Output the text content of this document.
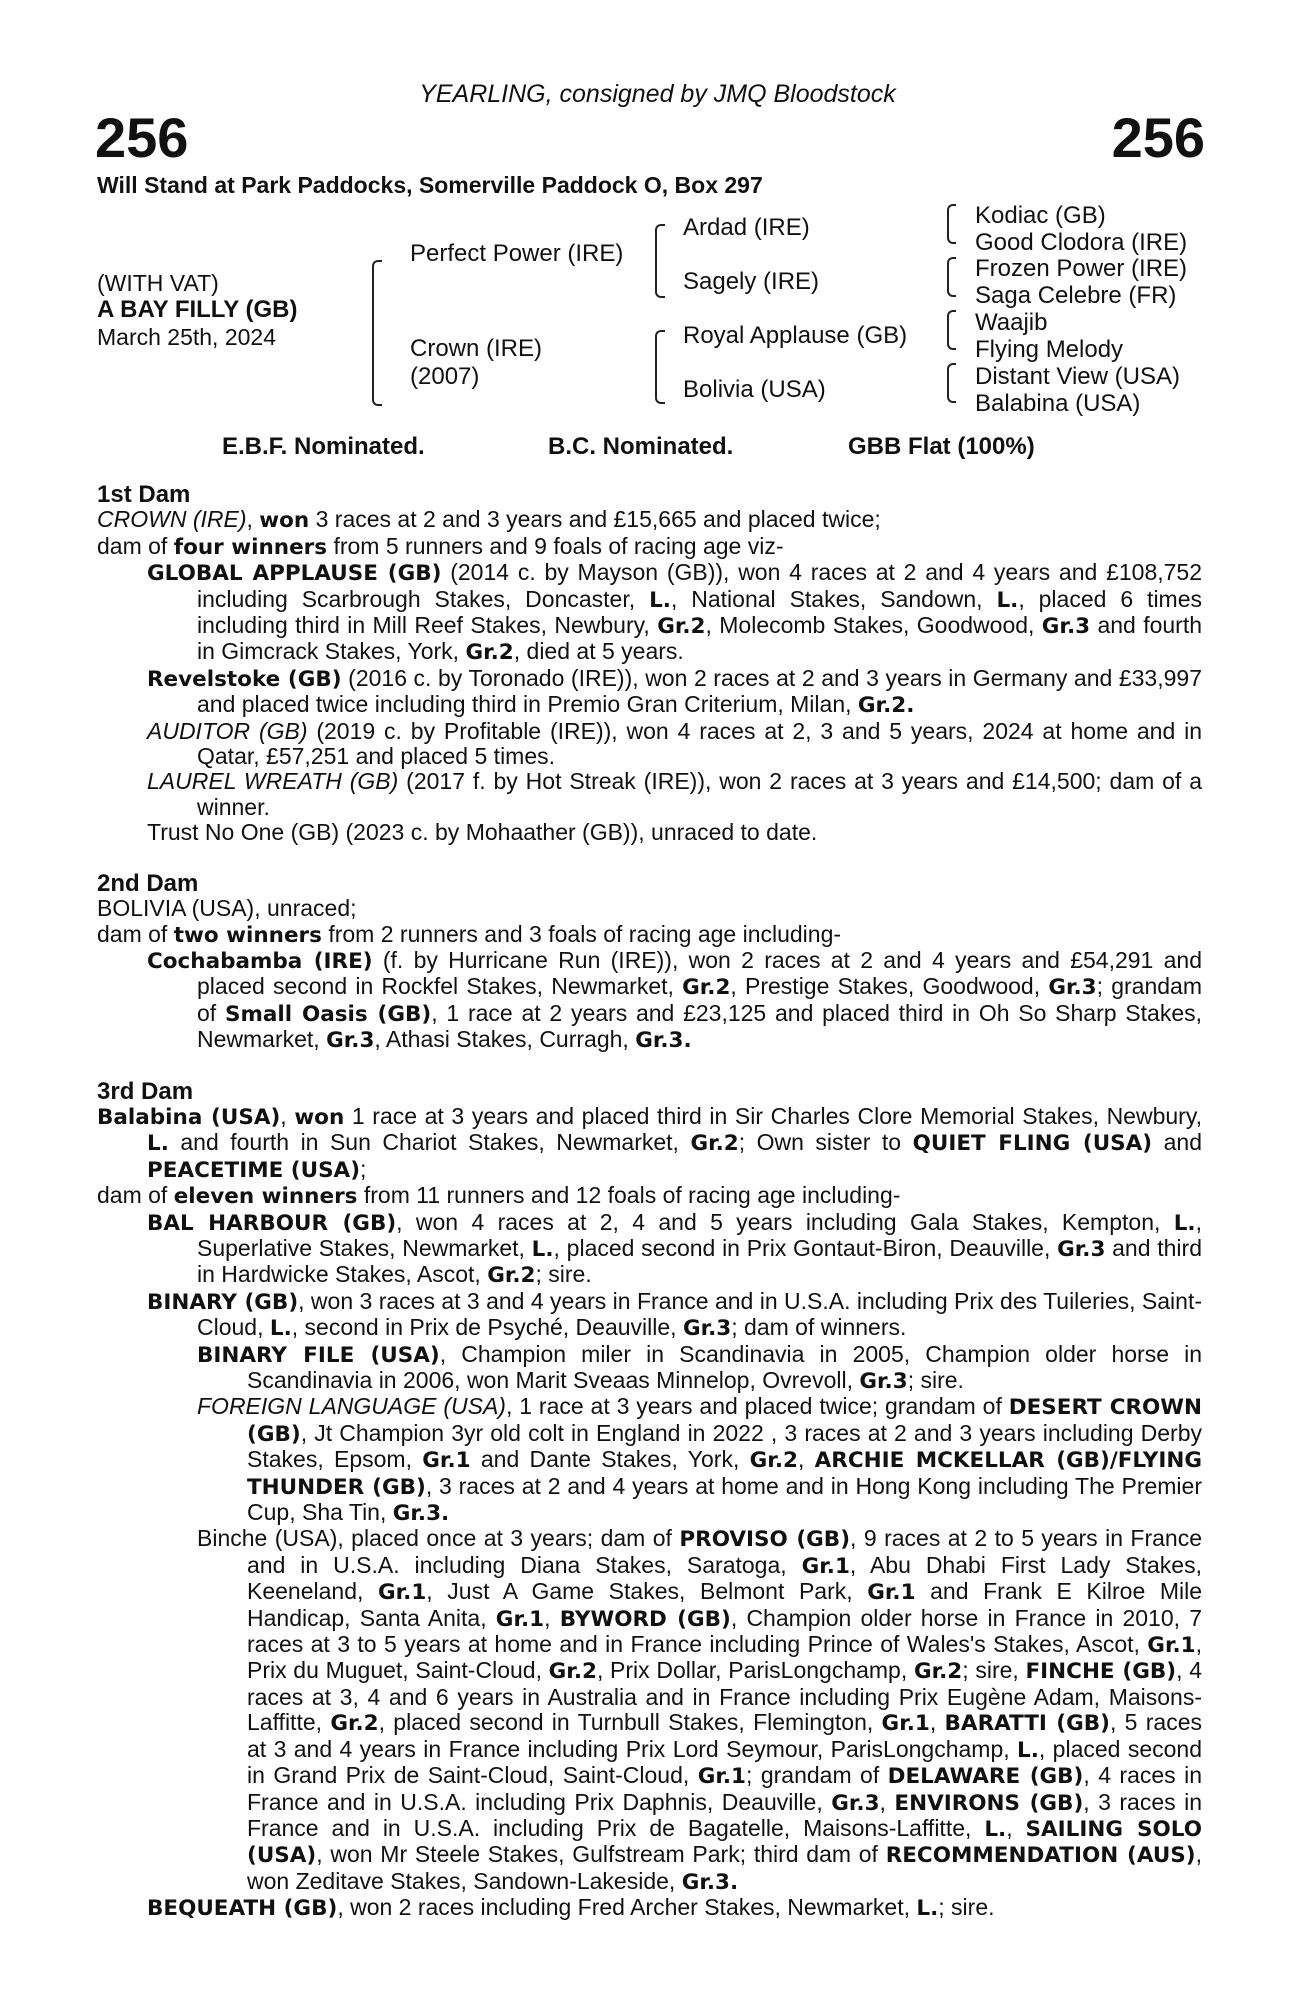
YEARLING, consigned by JMQ Bloodstock
256	256
Will Stand at Park Paddocks, Somerville Paddock O, Box 297
(WITH VAT)
A BAY FILLY (GB)
March 25th, 2024
Perfect Power (IRE)
Crown (IRE)
(2007)
Ardad (IRE)
Sagely (IRE)
Royal Applause (GB)
Bolivia (USA)
Kodiac (GB)
Good Clodora (IRE)
Frozen Power (IRE)
Saga Celebre (FR)
Waajib
Flying Melody
Distant View (USA)
Balabina (USA)
E.B.F. Nominated.	B.C. Nominated.	GBB Flat (100%)

1st Dam

CROWN (IRE), won 3 races at 2 and 3 years and £15,665 and placed twice;

dam of four winners from 5 runners and 9 foals of racing age viz-

GLOBAL APPLAUSE (GB) (2014 c. by Mayson (GB)), won 4 races at 2 and 4 years and £108,752 including Scarbrough Stakes, Doncaster, L., National Stakes, Sandown, L., placed 6 times including third in Mill Reef Stakes, Newbury, Gr.2, Molecomb Stakes, Goodwood, Gr.3 and fourth in Gimcrack Stakes, York, Gr.2, died at 5 years.

Revelstoke (GB) (2016 c. by Toronado (IRE)), won 2 races at 2 and 3 years in Germany and £33,997 and placed twice including third in Premio Gran Criterium, Milan, Gr.2.

AUDITOR (GB) (2019 c. by Profitable (IRE)), won 4 races at 2, 3 and 5 years, 2024 at home and in Qatar, £57,251 and placed 5 times.

LAUREL WREATH (GB) (2017 f. by Hot Streak (IRE)), won 2 races at 3 years and £14,500; dam of a winner.

Trust No One (GB) (2023 c. by Mohaather (GB)), unraced to date.

2nd Dam

BOLIVIA (USA), unraced;

dam of two winners from 2 runners and 3 foals of racing age including-

Cochabamba (IRE) (f. by Hurricane Run (IRE)), won 2 races at 2 and 4 years and £54,291 and placed second in Rockfel Stakes, Newmarket, Gr.2, Prestige Stakes, Goodwood, Gr.3; grandam of Small Oasis (GB), 1 race at 2 years and £23,125 and placed third in Oh So Sharp Stakes, Newmarket, Gr.3, Athasi Stakes, Curragh, Gr.3.

3rd Dam

Balabina (USA), won 1 race at 3 years and placed third in Sir Charles Clore Memorial Stakes, Newbury, L. and fourth in Sun Chariot Stakes, Newmarket, Gr.2; Own sister to QUIET FLING (USA) and PEACETIME (USA);

dam of eleven winners from 11 runners and 12 foals of racing age including-

BAL HARBOUR (GB), won 4 races at 2, 4 and 5 years including Gala Stakes, Kempton, L., Superlative Stakes, Newmarket, L., placed second in Prix Gontaut-Biron, Deauville, Gr.3 and third in Hardwicke Stakes, Ascot, Gr.2; sire.

BINARY (GB), won 3 races at 3 and 4 years in France and in U.S.A. including Prix des Tuileries, Saint-Cloud, L., second in Prix de Psyché, Deauville, Gr.3; dam of winners.

BINARY FILE (USA), Champion miler in Scandinavia in 2005, Champion older horse in Scandinavia in 2006, won Marit Sveaas Minnelop, Ovrevoll, Gr.3; sire.

FOREIGN LANGUAGE (USA), 1 race at 3 years and placed twice; grandam of DESERT CROWN (GB), Jt Champion 3yr old colt in England in 2022 , 3 races at 2 and 3 years including Derby Stakes, Epsom, Gr.1 and Dante Stakes, York, Gr.2, ARCHIE MCKELLAR (GB)/FLYING THUNDER (GB), 3 races at 2 and 4 years at home and in Hong Kong including The Premier Cup, Sha Tin, Gr.3.

Binche (USA), placed once at 3 years; dam of PROVISO (GB), 9 races at 2 to 5 years in France and in U.S.A. including Diana Stakes, Saratoga, Gr.1, Abu Dhabi First Lady Stakes, Keeneland, Gr.1, Just A Game Stakes, Belmont Park, Gr.1 and Frank E Kilroe Mile Handicap, Santa Anita, Gr.1, BYWORD (GB), Champion older horse in France in 2010, 7 races at 3 to 5 years at home and in France including Prince of Wales's Stakes, Ascot, Gr.1, Prix du Muguet, Saint-Cloud, Gr.2, Prix Dollar, ParisLongchamp, Gr.2; sire, FINCHE (GB), 4 races at 3, 4 and 6 years in Australia and in France including Prix Eugène Adam, Maisons-Laffitte, Gr.2, placed second in Turnbull Stakes, Flemington, Gr.1, BARATTI (GB), 5 races at 3 and 4 years in France including Prix Lord Seymour, ParisLongchamp, L., placed second in Grand Prix de Saint-Cloud, Saint-Cloud, Gr.1; grandam of DELAWARE (GB), 4 races in France and in U.S.A. including Prix Daphnis, Deauville, Gr.3, ENVIRONS (GB), 3 races in France and in U.S.A. including Prix de Bagatelle, Maisons-Laffitte, L., SAILING SOLO (USA), won Mr Steele Stakes, Gulfstream Park; third dam of RECOMMENDATION (AUS), won Zeditave Stakes, Sandown-Lakeside, Gr.3.

BEQUEATH (GB), won 2 races including Fred Archer Stakes, Newmarket, L.; sire.
